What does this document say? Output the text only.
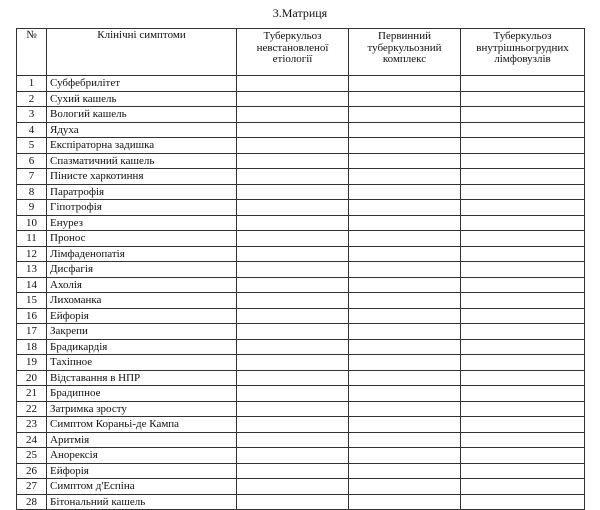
3.Матриця
№	Клінічні симптоми	Туберкульоз невстановленої етіології	Первинний туберкульозний комплекс	Туберкульоз внутрішньогрудних лімфовузлів
1	Субфебрилітет			
2	Сухий кашель			
3	Вологий кашель			
4	Ядуха			
5	Експіраторна задишка			
6	Спазматичний кашель			
7	Пінисте харкотиння			
8	Паратрофія			
9	Гіпотрофія			
10	Енурез			
11	Пронос			
12	Лімфаденопатія			
13	Дисфагія			
14	Ахолія			
15	Лихоманка			
16	Ейфорія			
17	Закрепи			
18	Брадикардія			
19	Тахіпное			
20	Відставання в НПР			
21	Брадипное			
22	Затримка зросту			
23	Симптом Кораньі-де Кампа			
24	Аритмія			
25	Анорексія			
26	Ейфорія			
27	Симптом д'Еспіна			
28	Бітональний кашель			
